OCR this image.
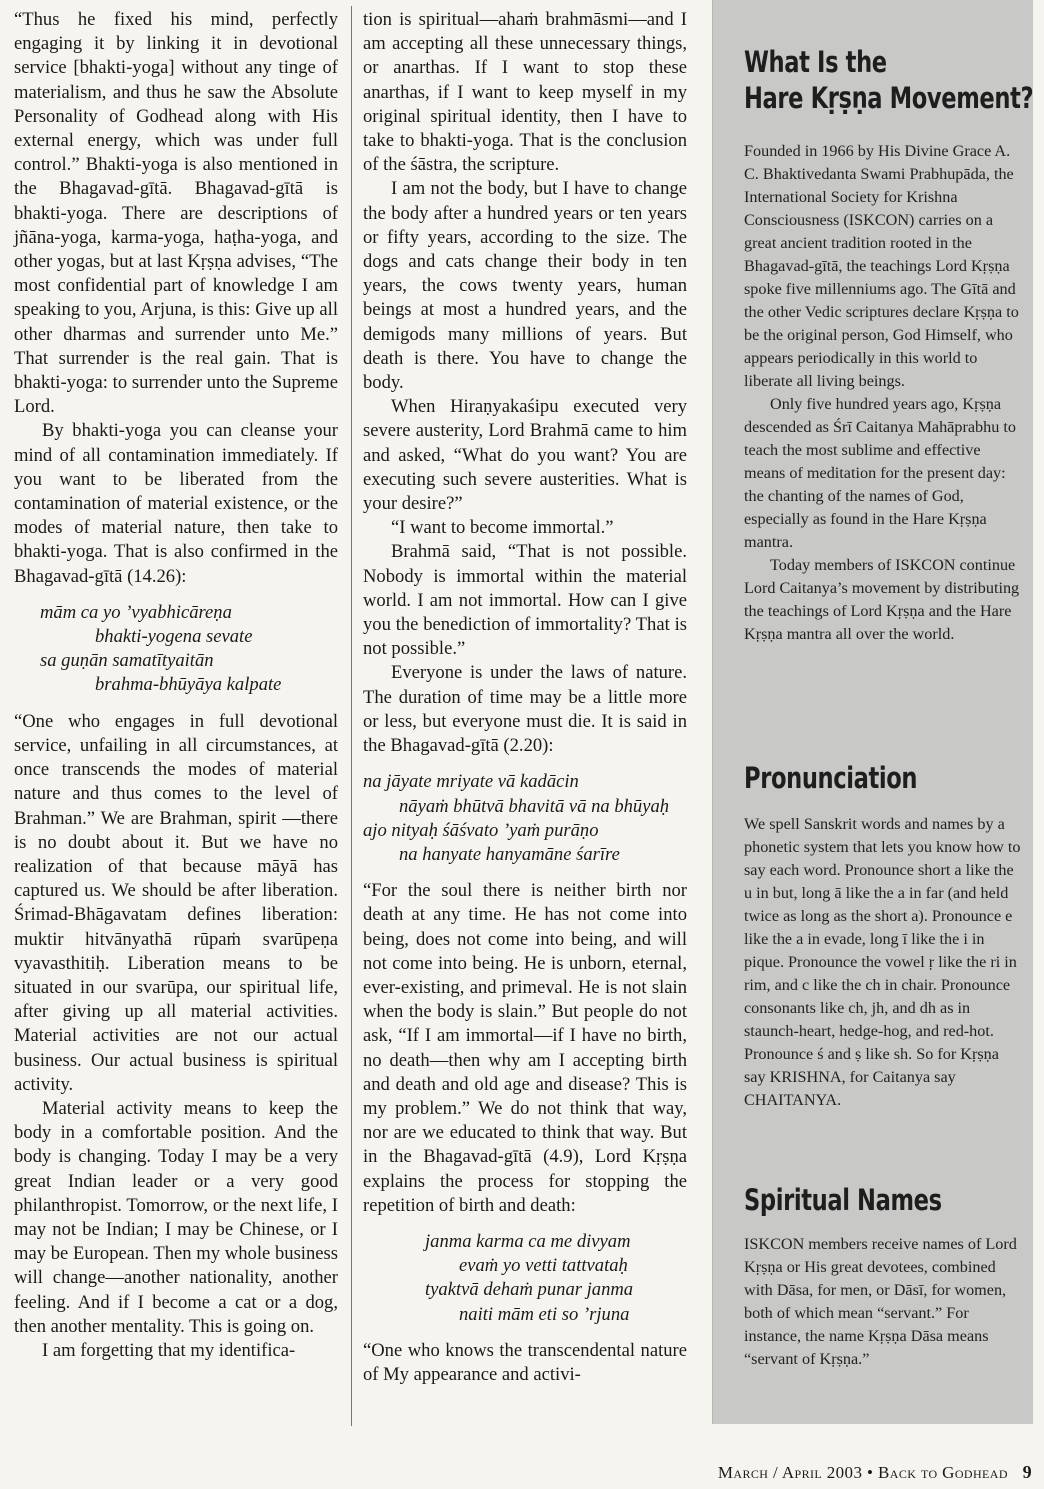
“Thus he fixed his mind, perfectly engaging it by linking it in devotional service [bhakti-yoga] without any tinge of materialism, and thus he saw the Absolute Personality of Godhead along with His external energy, which was under full control.” Bhakti-yoga is also mentioned in the Bhagavad-gītā. Bhagavad-gītā is bhakti-yoga. There are descriptions of jñāna-yoga, karma-yoga, haṭha-yoga, and other yogas, but at last Kṛṣṇa advises, “The most confidential part of knowledge I am speaking to you, Arjuna, is this: Give up all other dharmas and surrender unto Me.” That surrender is the real gain. That is bhakti-yoga: to surrender unto the Supreme Lord.

By bhakti-yoga you can cleanse your mind of all contamination immediately. If you want to be liberated from the contamination of material existence, or the modes of material nature, then take to bhakti-yoga. That is also confirmed in the Bhagavad-gītā (14.26):

mām ca yo ’vyabhicāreṇa
bhakti-yogena sevate
sa guṇān samatītyaitān
brahma-bhūyāya kalpate

“One who engages in full devotional service, unfailing in all circumstances, at once transcends the modes of material nature and thus comes to the level of Brahman.” We are Brahman, spirit —there is no doubt about it. But we have no realization of that because māyā has captured us. We should be after liberation. Śrimad-Bhāgavatam defines liberation: muktir hitvānyathā rūpaṁ svarūpeṇa vyavasthitiḥ. Liberation means to be situated in our svarūpa, our spiritual life, after giving up all material activities. Material activities are not our actual business. Our actual business is spiritual activity.

Material activity means to keep the body in a comfortable position. And the body is changing. Today I may be a very great Indian leader or a very good philanthropist. Tomorrow, or the next life, I may not be Indian; I may be Chinese, or I may be European. Then my whole business will change—another nationality, another feeling. And if I become a cat or a dog, then another mentality. This is going on.

I am forgetting that my identifica-

tion is spiritual—ahaṁ brahmāsmi—and I am accepting all these unnecessary things, or anarthas. If I want to stop these anarthas, if I want to keep myself in my original spiritual identity, then I have to take to bhakti-yoga. That is the conclusion of the śāstra, the scripture.

I am not the body, but I have to change the body after a hundred years or ten years or fifty years, according to the size. The dogs and cats change their body in ten years, the cows twenty years, human beings at most a hundred years, and the demigods many millions of years. But death is there. You have to change the body.

When Hiraṇyakaśipu executed very severe austerity, Lord Brahmā came to him and asked, “What do you want? You are executing such severe austerities. What is your desire?”

“I want to become immortal.”

Brahmā said, “That is not possible. Nobody is immortal within the material world. I am not immortal. How can I give you the benediction of immortality? That is not possible.”

Everyone is under the laws of nature. The duration of time may be a little more or less, but everyone must die. It is said in the Bhagavad-gītā (2.20):

na jāyate mriyate vā kadācin
nāyaṁ bhūtvā bhavitā vā na bhūyaḥ
ajo nityaḥ śāśvato ’yaṁ purāṇo
na hanyate hanyamāne śarīre

“For the soul there is neither birth nor death at any time. He has not come into being, does not come into being, and will not come into being. He is unborn, eternal, ever-existing, and primeval. He is not slain when the body is slain.” But people do not ask, “If I am immortal—if I have no birth, no death—then why am I accepting birth and death and old age and disease? This is my problem.” We do not think that way, nor are we educated to think that way. But in the Bhagavad-gītā (4.9), Lord Kṛṣṇa explains the process for stopping the repetition of birth and death:

janma karma ca me divyam
evaṁ yo vetti tattvataḥ
tyaktvā dehaṁ punar janma
naiti mām eti so ’rjuna

“One who knows the transcendental nature of My appearance and activi-

What Is the
Hare Kṛṣṇa Movement?

Founded in 1966 by His Divine Grace A. C. Bhaktivedanta Swami Prabhupāda, the International Society for Krishna Consciousness (ISKCON) carries on a great ancient tradition rooted in the Bhagavad-gītā, the teachings Lord Kṛṣṇa spoke five millenniums ago. The Gītā and the other Vedic scriptures declare Kṛṣṇa to be the original person, God Himself, who appears periodically in this world to liberate all living beings.

Only five hundred years ago, Kṛṣṇa descended as Śrī Caitanya Mahāprabhu to teach the most sublime and effective means of meditation for the present day: the chanting of the names of God, especially as found in the Hare Kṛṣṇa mantra.

Today members of ISKCON continue Lord Caitanya’s movement by distributing the teachings of Lord Kṛṣṇa and the Hare Kṛṣṇa mantra all over the world.

Pronunciation

We spell Sanskrit words and names by a phonetic system that lets you know how to say each word. Pronounce short a like the u in but, long ā like the a in far (and held twice as long as the short a). Pronounce e like the a in evade, long ī like the i in pique. Pronounce the vowel ṛ like the ri in rim, and c like the ch in chair. Pronounce consonants like ch, jh, and dh as in staunch-heart, hedge-hog, and red-hot. Pronounce ś and ṣ like sh. So for Kṛṣṇa say KRISHNA, for Caitanya say CHAITANYA.

Spiritual Names

ISKCON members receive names of Lord Kṛṣṇa or His great devotees, combined with Dāsa, for men, or Dāsī, for women, both of which mean “servant.” For instance, the name Kṛṣṇa Dāsa means “servant of Kṛṣṇa.”

March / April 2003 • Back to Godhead 9
